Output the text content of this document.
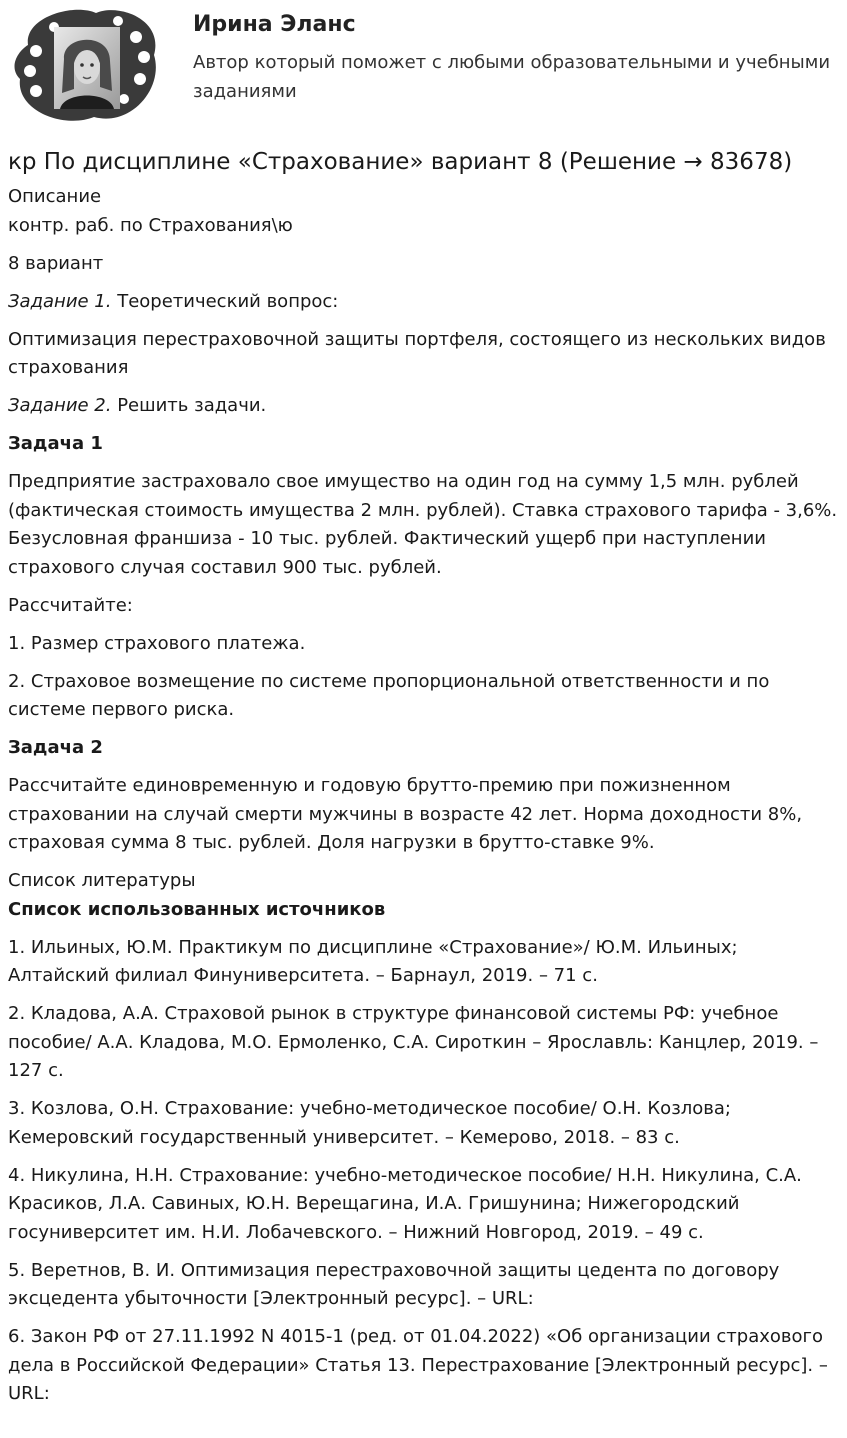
Ирина Эланс
Автор который поможет с любыми образовательными и учебными заданиями
кр По дисциплине «Страхование» вариант 8 (Решение → 83678)
Описание

контр. раб. по Страхования\ю

8 вариант

Задание 1. Теоретический вопрос:

Оптимизация перестраховочной защиты портфеля, состоящего из нескольких видов страхования

Задание 2. Решить задачи.

Задача 1

Предприятие застраховало свое имущество на один год на сумму 1,5 млн. рублей (фактическая стоимость имущества 2 млн. рублей). Ставка страхового тарифа - 3,6%. Безусловная франшиза - 10 тыс. рублей. Фактический ущерб при наступлении страхового случая составил 900 тыс. рублей.

Рассчитайте:

1. Размер страхового платежа.

2. Страховое возмещение по системе пропорциональной ответственности и по системе первого риска.

Задача 2

Рассчитайте единовременную и годовую брутто-премию при пожизненном страховании на случай смерти мужчины в возрасте 42 лет. Норма доходности 8%, страховая сумма 8 тыс. рублей. Доля нагрузки в брутто-ставке 9%.

Список литературы

Список использованных источников

1. Ильиных, Ю.М. Практикум по дисциплине «Страхование»/ Ю.М. Ильиных; Алтайский филиал Финуниверситета. – Барнаул, 2019. – 71 с.

2. Кладова, А.А. Страховой рынок в структуре финансовой системы РФ: учебное пособие/ А.А. Кладова, М.О. Ермоленко, С.А. Сироткин – Ярославль: Канцлер, 2019. – 127 с.

3. Козлова, О.Н. Страхование: учебно-методическое пособие/ О.Н. Козлова; Кемеровский государственный университет. – Кемерово, 2018. – 83 с.

4. Никулина, Н.Н. Страхование: учебно-методическое пособие/ Н.Н. Никулина, С.А. Красиков, Л.А. Савиных, Ю.Н. Верещагина, И.А. Гришунина; Нижегородский госуниверситет им. Н.И. Лобачевского. – Нижний Новгород, 2019. – 49 с.

5. Веретнов, В. И. Оптимизация перестраховочной защиты цедента по договору эксцедента убыточности [Электронный ресурс]. – URL:

6. Закон РФ от 27.11.1992 N 4015-1 (ред. от 01.04.2022) «Об организации страхового дела в Российской Федерации» Статья 13. Перестрахование [Электронный ресурс]. – URL:
